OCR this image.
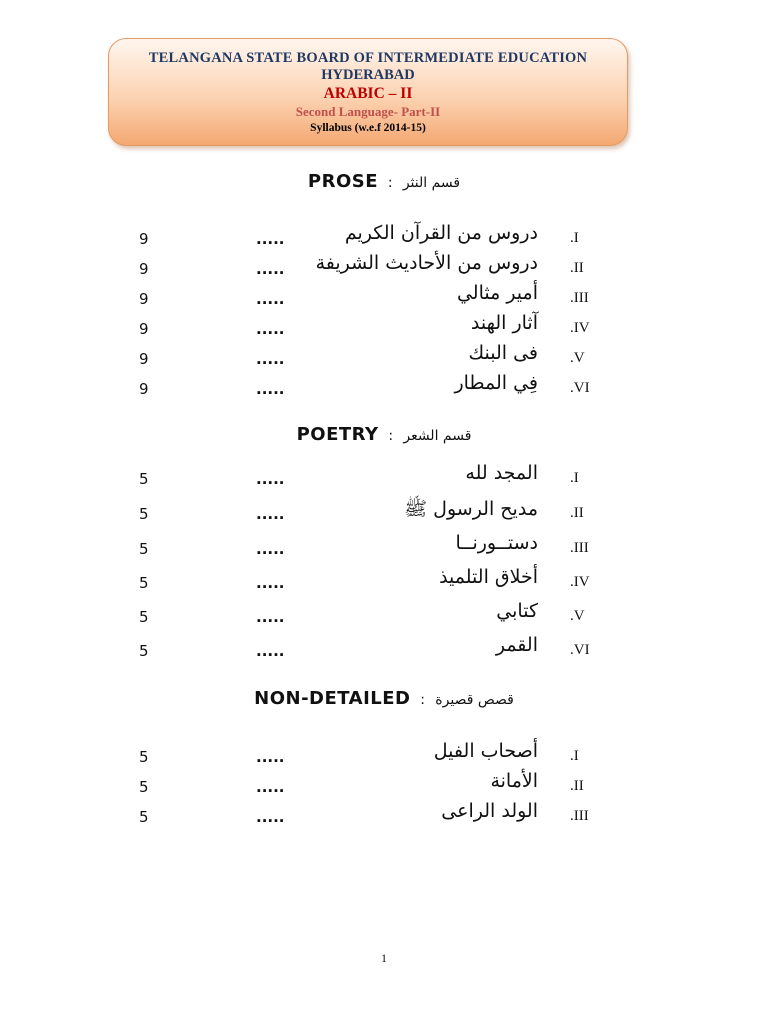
TELANGANA STATE BOARD OF INTERMEDIATE EDUCATION
HYDERABAD
ARABIC – II
Second Language- Part-II
Syllabus (w.e.f 2014-15)
PROSE : قسم النثر
9	.....	دروس من القرآن الكريم .I
9	..... دروس من الأحاديث الشريفة .II
9	.....	أمير مثالي .III
9	.....	آثار الهند .IV
9	.....	فى البنك .V
9	.....	فِي المطار .VI
POETRY : قسم الشعر
5	.....	المجد لله .I
5	.....	مديح الرسول ﷺ .II
5	.....	دستــورنــا .III
5	.....	أخلاق التلميذ .IV
5	.....	كتابي .V
5	.....	القمر .VI
NON-DETAILED : قصص قصيرة
5	.....	أصحاب الفيل .I
5	.....	الأمانة .II
5	.....	الولد الراعى .III
1
